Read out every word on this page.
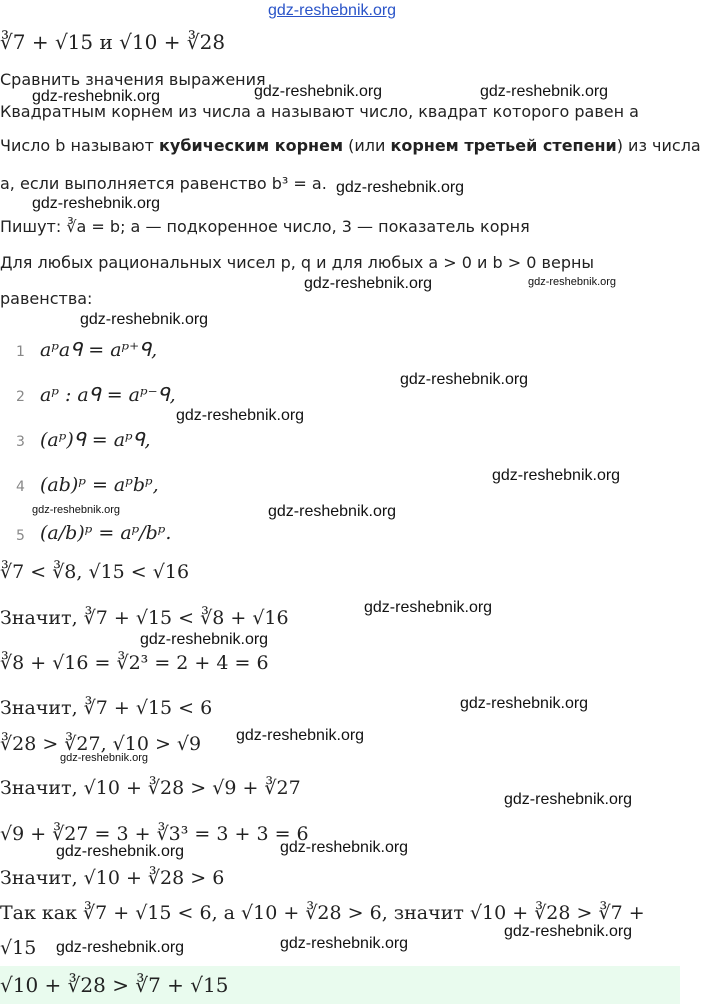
gdz-reshebnik.org
gdz-reshebnik.org	gdz-reshebnik.org
gdz-reshebnik.org
gdz-reshebnik.org
gdz-reshebnik.org
gdz-reshebnik.org	gdz-reshebnik.org
gdz-reshebnik.org
gdz-reshebnik.org
gdz-reshebnik.org
gdz-reshebnik.org
gdz-reshebnik.org
gdz-reshebnik.org
gdz-reshebnik.org
gdz-reshebnik.org
gdz-reshebnik.org
gdz-reshebnik.org
gdz-reshebnik.org
gdz-reshebnik.org
gdz-reshebnik.org
gdz-reshebnik.org
gdz-reshebnik.org
gdz-reshebnik.org
gdz-reshebnik.org
∛7 + √15 и √10 + ∛28
Сравнить значения выражения
Квадратным корнем из числа a называют число, квадрат которого равен a
Число b называют кубическим корнем (или корнем третьей степени) из числа
a, если выполняется равенство b³ = a.
Пишут: ∛a = b; a — подкоренное число, 3 — показатель корня
Для любых рациональных чисел p, q и для любых a > 0 и b > 0 верны
равенства:
1 aᵖaᑫ = aᵖ⁺ᑫ,
2 aᵖ : aᑫ = aᵖ⁻ᑫ,
3 (aᵖ)ᑫ = aᵖᑫ,
4 (ab)ᵖ = aᵖbᵖ,
5 (a/b)ᵖ = aᵖ/bᵖ.
∛7 < ∛8, √15 < √16
Значит, ∛7 + √15 < ∛8 + √16
∛8 + √16 = ∛2³ = 2 + 4 = 6
Значит, ∛7 + √15 < 6
∛28 > ∛27, √10 > √9
Значит, √10 + ∛28 > √9 + ∛27
√9 + ∛27 = 3 + ∛3³ = 3 + 3 = 6
Значит, √10 + ∛28 > 6
Так как ∛7 + √15 < 6, а √10 + ∛28 > 6, значит √10 + ∛28 > ∛7 +
√15
√10 + ∛28 > ∛7 + √15
